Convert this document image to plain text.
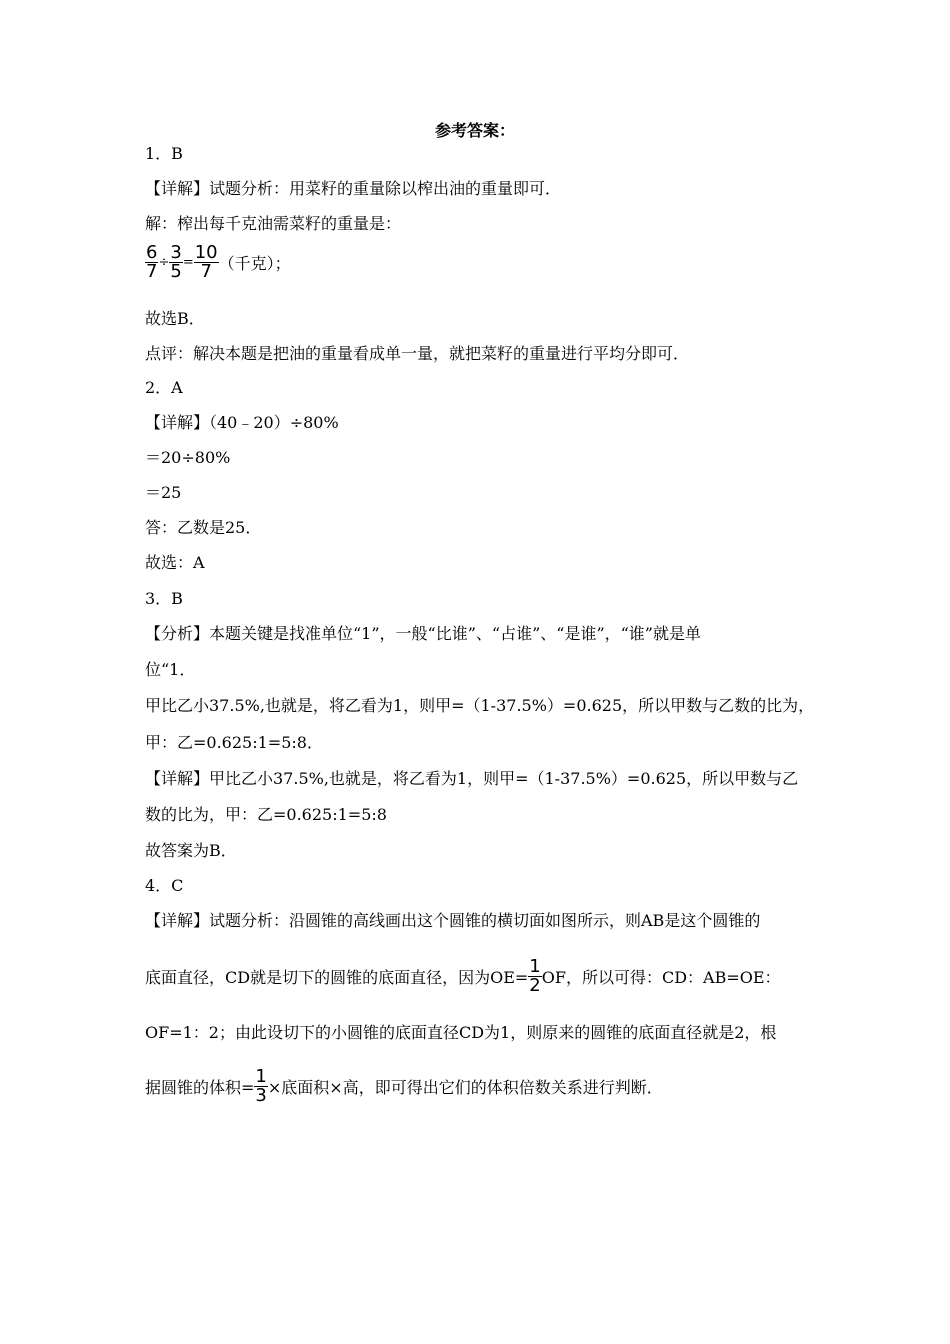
参考答案：
1．B
【详解】试题分析：用菜籽的重量除以榨出油的重量即可．
解：榨出每千克油需菜籽的重量是：
$\frac{6}{7} \div \frac{3}{5} = \frac{10}{7}$ （千克）；
故选B．
点评：解决本题是把油的重量看成单一量，就把菜籽的重量进行平均分即可．
2．A
【详解】（40﹣20）÷80%
＝20÷80%
＝25
答：乙数是25．
故选：A
3．B
【分析】本题关键是找准单位“1”，一般“比谁”、“占谁”、“是谁”，“谁”就是单
位“1．
甲比乙小37.5%,也就是，将乙看为1，则甲=（1-37.5%）=0.625，所以甲数与乙数的比为，
甲：乙=0.625:1=5:8．
【详解】甲比乙小37.5%,也就是，将乙看为1，则甲=（1-37.5%）=0.625，所以甲数与乙
数的比为，甲：乙=0.625:1=5:8
故答案为B．
4．C
【详解】试题分析：沿圆锥的高线画出这个圆锥的横切面如图所示，则AB是这个圆锥的
底面直径，CD就是切下的圆锥的底面直径，因为$OE= \frac{1}{2}$ OF，所以可得：CD：AB=OE：
OF=1：2；由此设切下的小圆锥的底面直径CD为1，则原来的圆锥的底面直径就是2，根
据圆锥的体积= $\frac{1}{3}$ ×底面积×高，即可得出它们的体积倍数关系进行判断．
